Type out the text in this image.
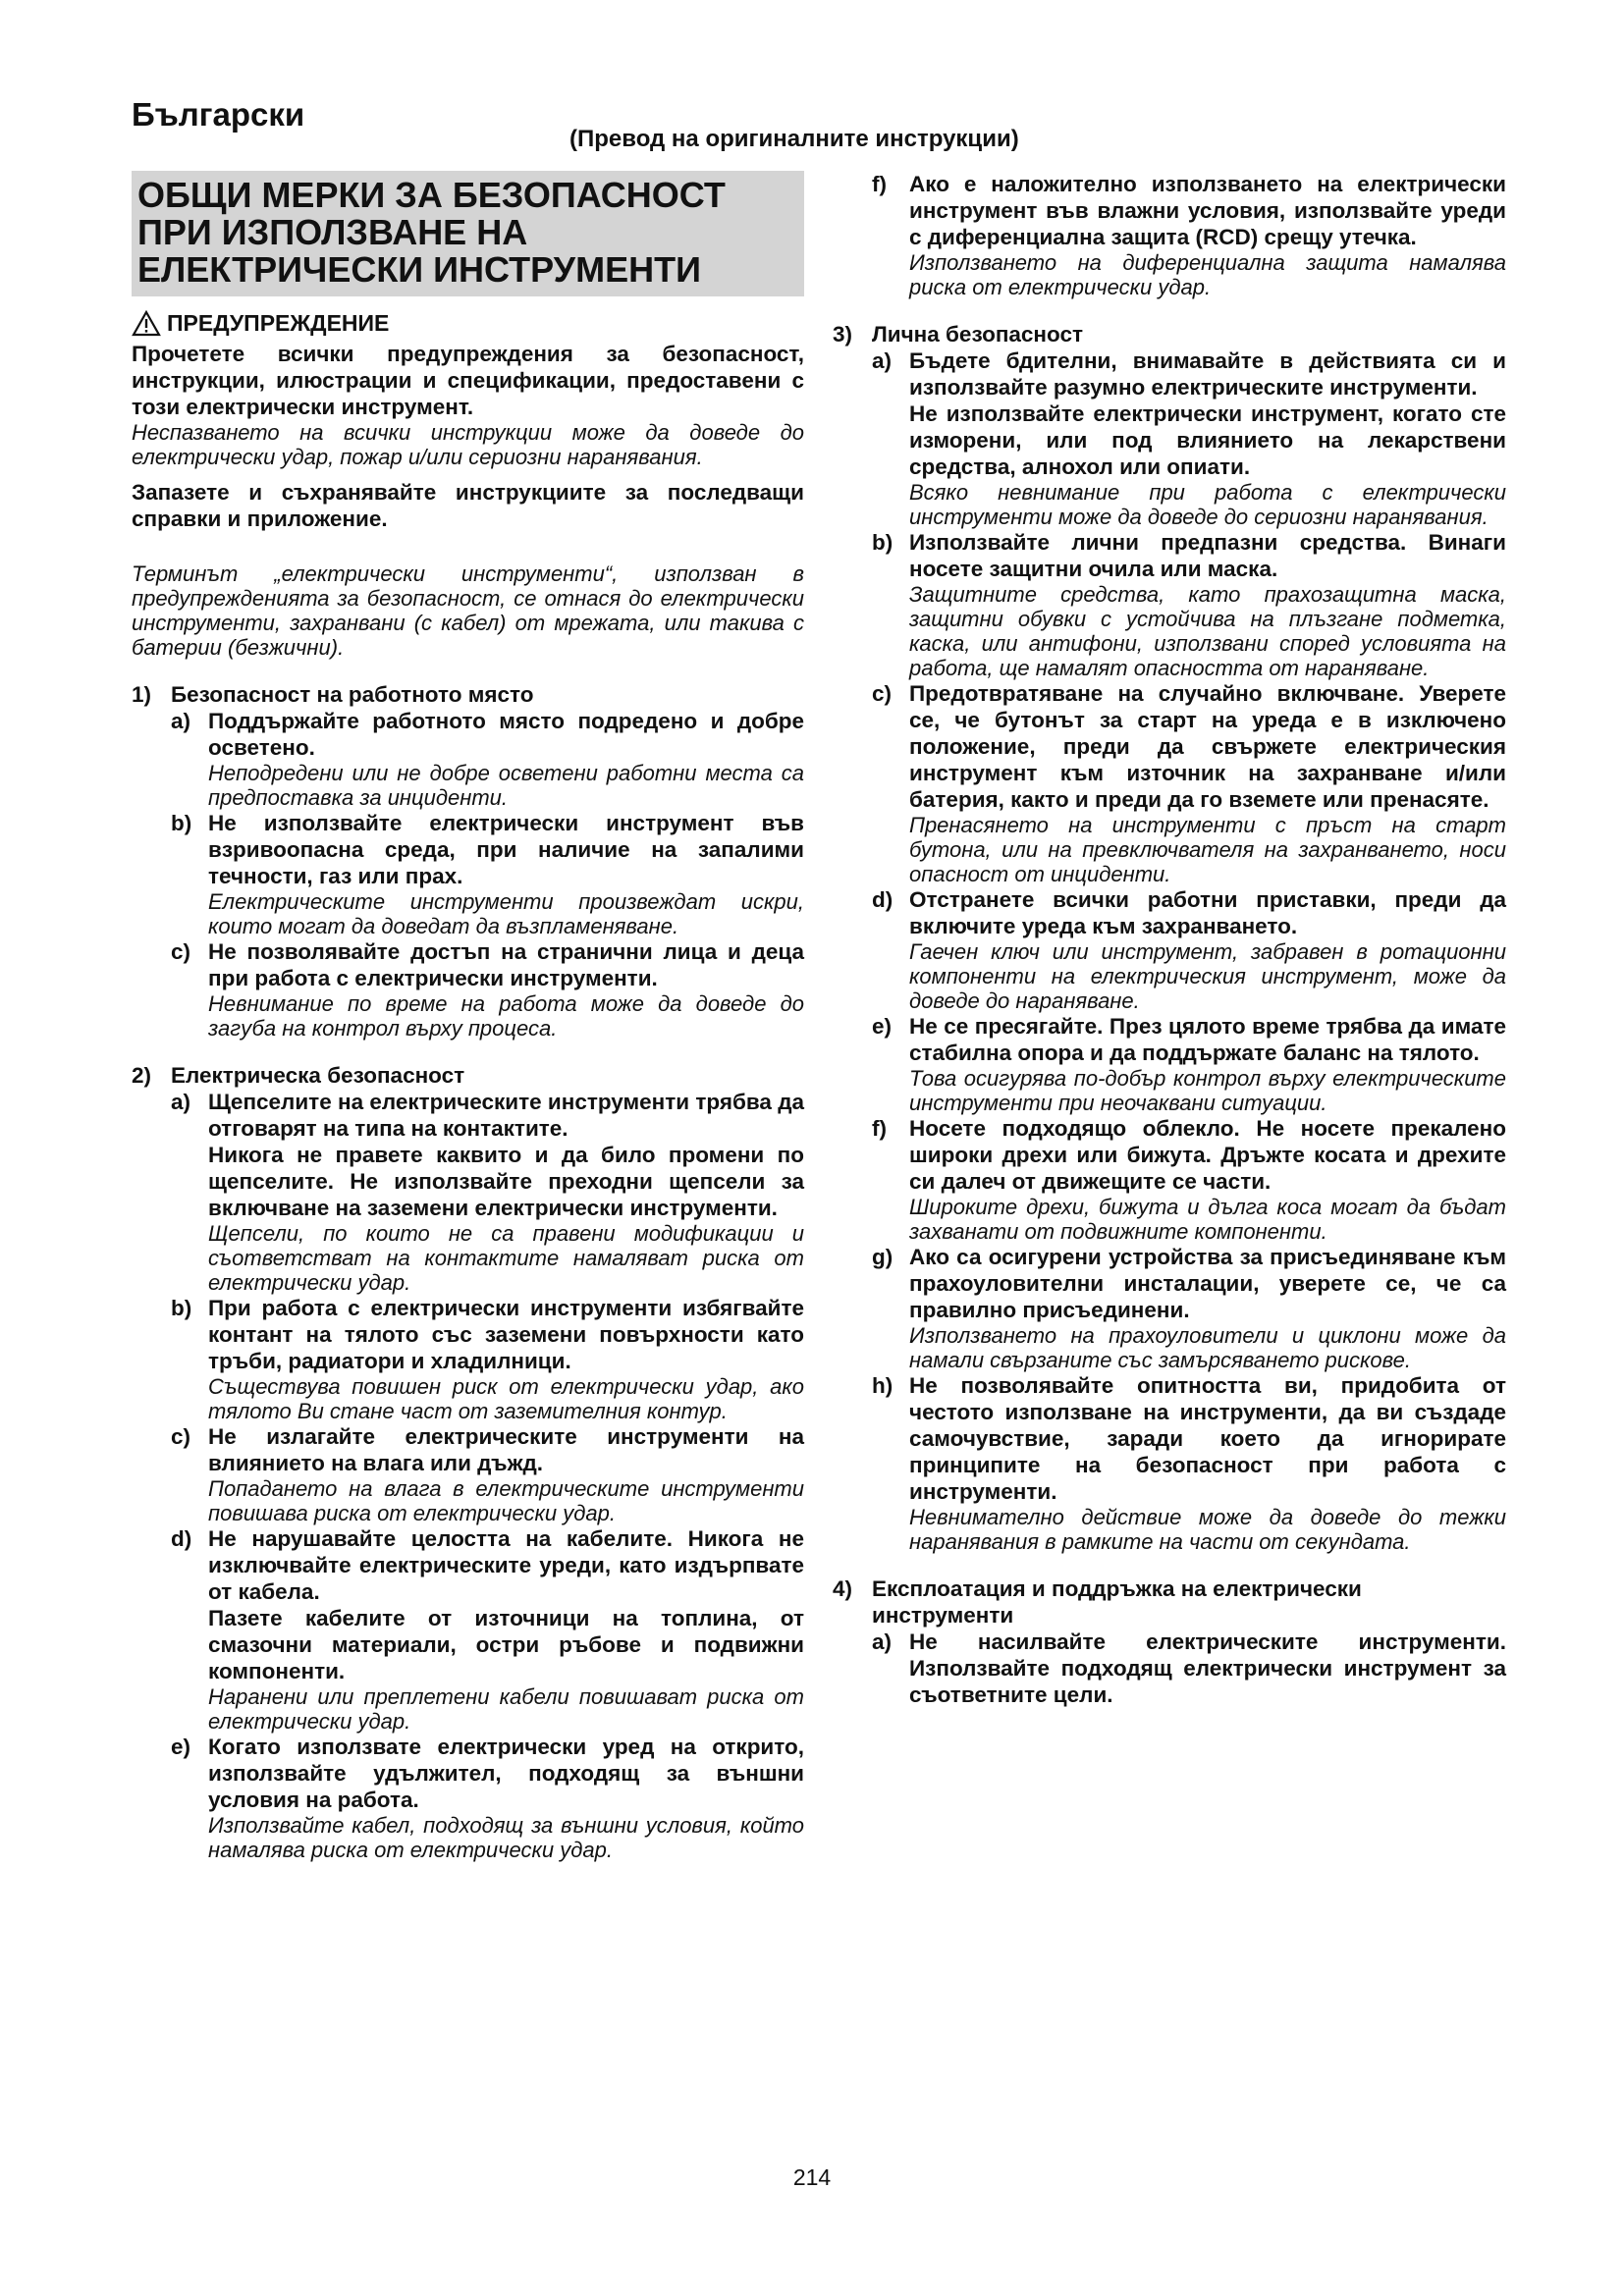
Български
(Превод на оригиналните инструкции)
ОБЩИ МЕРКИ ЗА БЕЗОПАСНОСТ
ПРИ ИЗПОЛЗВАНЕ НА
ЕЛЕКТРИЧЕСКИ ИНСТРУМЕНТИ
ПРЕДУПРЕЖДЕНИЕ

Прочетете всички предупреждения за безопасност, инструкции, илюстрации и спецификации, предоставени с този електрически инструмент.

Неспазването на всички инструкции може да доведе до електрически удар, пожар и/или сериозни наранявания.

Запазете и съхранявайте инструкциите за последващи справки и приложение.

Терминът „електрически инструменти“, използван в предупрежденията за безопасност, се отнася до електрически инструменти, захранвани (с кабел) от мрежата, или такива с батерии (безжични).

1) Безопасност на работното място
a) Поддържайте работното място подредено и добре осветено.

Неподредени или не добре осветени работни места са предпоставка за инциденти.

b) Не използвайте електрически инструмент във взривоопасна среда, при наличие на запалими течности, газ или прах.

Електрическите инструменти произвеждат искри, които могат да доведат да възпламеняване.

c) Не позволявайте достъп на странични лица и деца при работа с електрически инструменти.

Невнимание по време на работа може да доведе до загуба на контрол върху процеса.

2) Електрическа безопасност
a) Щепселите на електрическите инструменти трябва да отговарят на типа на контактите.

Никога не правете каквито и да било промени по щепселите. Не използвайте преходни щепсели за включване на заземени електрически инструменти.

Щепсели, по които не са правени модификации и съответстват на контактите намаляват риска от електрически удар.

b) При работа с електрически инструменти избягвайте контант на тялото със заземени повърхности като тръби, радиатори и хладилници.

Съществува повишен риск от електрически удар, ако тялото Ви стане част от заземителния контур.

c) Не излагайте електрическите инструменти на влиянието на влага или дъжд.

Попадането на влага в електрическите инструменти повишава риска от електрически удар.

d) Не нарушавайте целостта на кабелите. Никога не изключвайте електрическите уреди, като издърпвате от кабела.

Пазете кабелите от източници на топлина, от смазочни материали, остри ръбове и подвижни компоненти.

Наранени или преплетени кабели повишават риска от електрически удар.

e) Когато използвате електрически уред на открито, използвайте удължител, подходящ за външни условия на работа.

Използвайте кабел, подходящ за външни условия, който намалява риска от електрически удар.

f)	Ако е наложително използването на електрически инструмент във влажни условия, използвайте уреди с диференциална защита (RCD) срещу утечка.

Използването на диференциална защита намалява риска от електрически удар.

3) Лична безопасност
a) Бъдете бдителни, внимавайте в действията си и използвайте разумно електрическите инструменти.

Не използвайте електрически инструмент, когато сте изморени, или под влиянието на лекарствени средства, алнохол или опиати.

Всяко невнимание при работа с електрически инструменти може да доведе до сериозни наранявания.

b) Използвайте лични предпазни средства. Винаги носете защитни очила или маска.

Защитните средства, като прахозащитна маска, защитни обувки с устойчива на плъзгане подметка, каска, или антифони, използвани според условията на работа, ще намалят опасността от нараняване.

c) Предотвратяване на случайно включване. Уверете се, че бутонът за старт на уреда е в изключено положение, преди да свържете електрическия инструмент към източник на захранване и/или батерия, както и преди да го вземете или пренасяте.

Пренасянето на инструменти с пръст на старт бутона, или на превключвателя на захранването, носи опасност от инциденти.

d) Отстранете всички работни приставки, преди да включите уреда към захранването.

Гаечен ключ или инструмент, забравен в ротационни компоненти на електрическия инструмент, може да доведе до нараняване.

e) Не се пресягайте. През цялото време трябва да имате стабилна опора и да поддържате баланс на тялото.

Това осигурява по-добър контрол върху електрическите инструменти при неочаквани ситуации.

f)	Носете подходящо облекло. Не носете прекалено широки дрехи или бижута. Дръжте косата и дрехите си далеч от движещите се части.

Широките дрехи, бижута и дълга коса могат да бъдат захванати от подвижните компоненти.

g) Ако са осигурени устройства за присъединяване към прахоуловителни инсталации, уверете се, че са правилно присъединени.

Използването на прахоуловители и циклони може да намали свързаните със замърсяването рискове.

h) Не позволявайте опитността ви, придобита от честото използване на инструменти, да ви създаде самочувствие, заради което да игнорирате принципите на безопасност при работа с инструменти.

Невнимателно действие може да доведе до тежки наранявания в рамките на части от секундата.

4) Експлоатация и поддръжка на електрически инструменти
a) Не насилвайте електрическите инструменти. Използвайте подходящ електрически инструмент за съответните цели.

214
